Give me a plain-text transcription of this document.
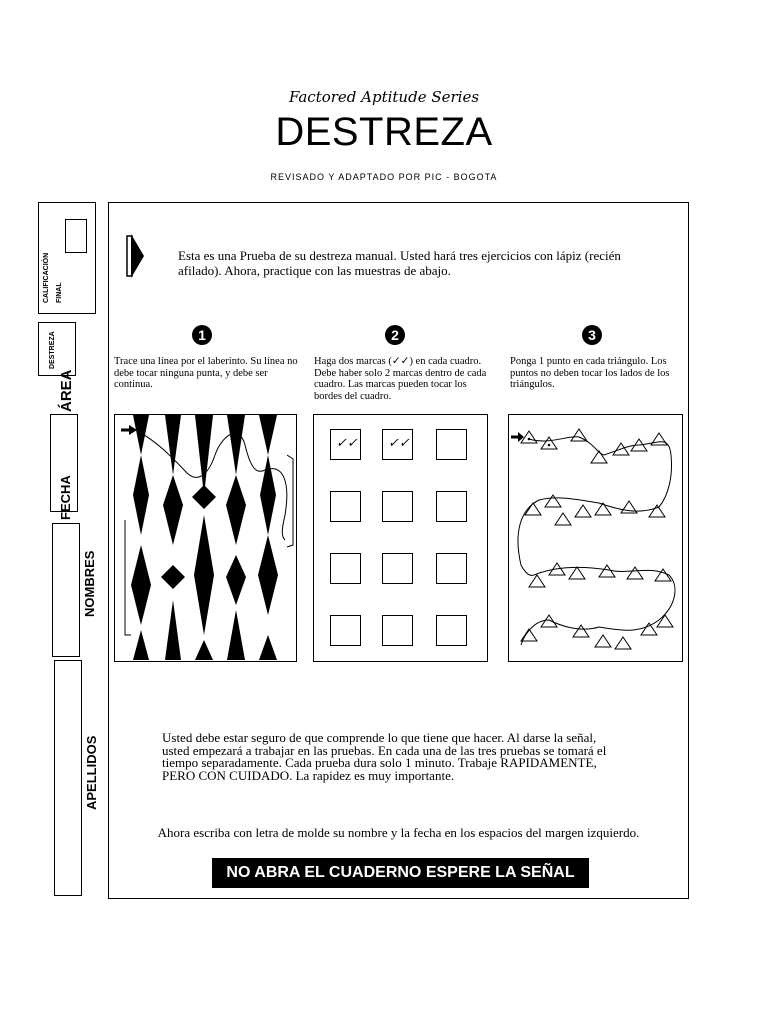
Factored Aptitude Series
DESTREZA
REVISADO Y ADAPTADO POR PIC - BOGOTA
CALIFICACIÓN FINAL
DESTREZA
ÁREA
FECHA
NOMBRES
APELLIDOS
Esta es una Prueba de su destreza manual. Usted hará tres ejercicios con lápiz (recién afilado). Ahora, practique con las muestras de abajo.
1	2	3
Trace una línea por el laberinto. Su línea no debe tocar ninguna punta, y debe ser continua.
Haga dos marcas (✓✓) en cada cuadro. Debe haber solo 2 marcas dentro de cada cuadro. Las marcas pueden tocar los bordes del cuadro.
Ponga 1 punto en cada triángulo. Los puntos no deben tocar los lados de los triángulos.
✓✓ ✓✓
Usted debe estar seguro de que comprende lo que tiene que hacer. Al darse la señal, usted empezará a trabajar en las pruebas. En cada una de las tres pruebas se tomará el tiempo separadamente. Cada prueba dura solo 1 minuto. Trabaje RAPIDAMENTE, PERO CON CUIDADO. La rapidez es muy importante.
Ahora escriba con letra de molde su nombre y la fecha en los espacios del margen izquierdo.
NO ABRA EL CUADERNO ESPERE LA SEÑAL
